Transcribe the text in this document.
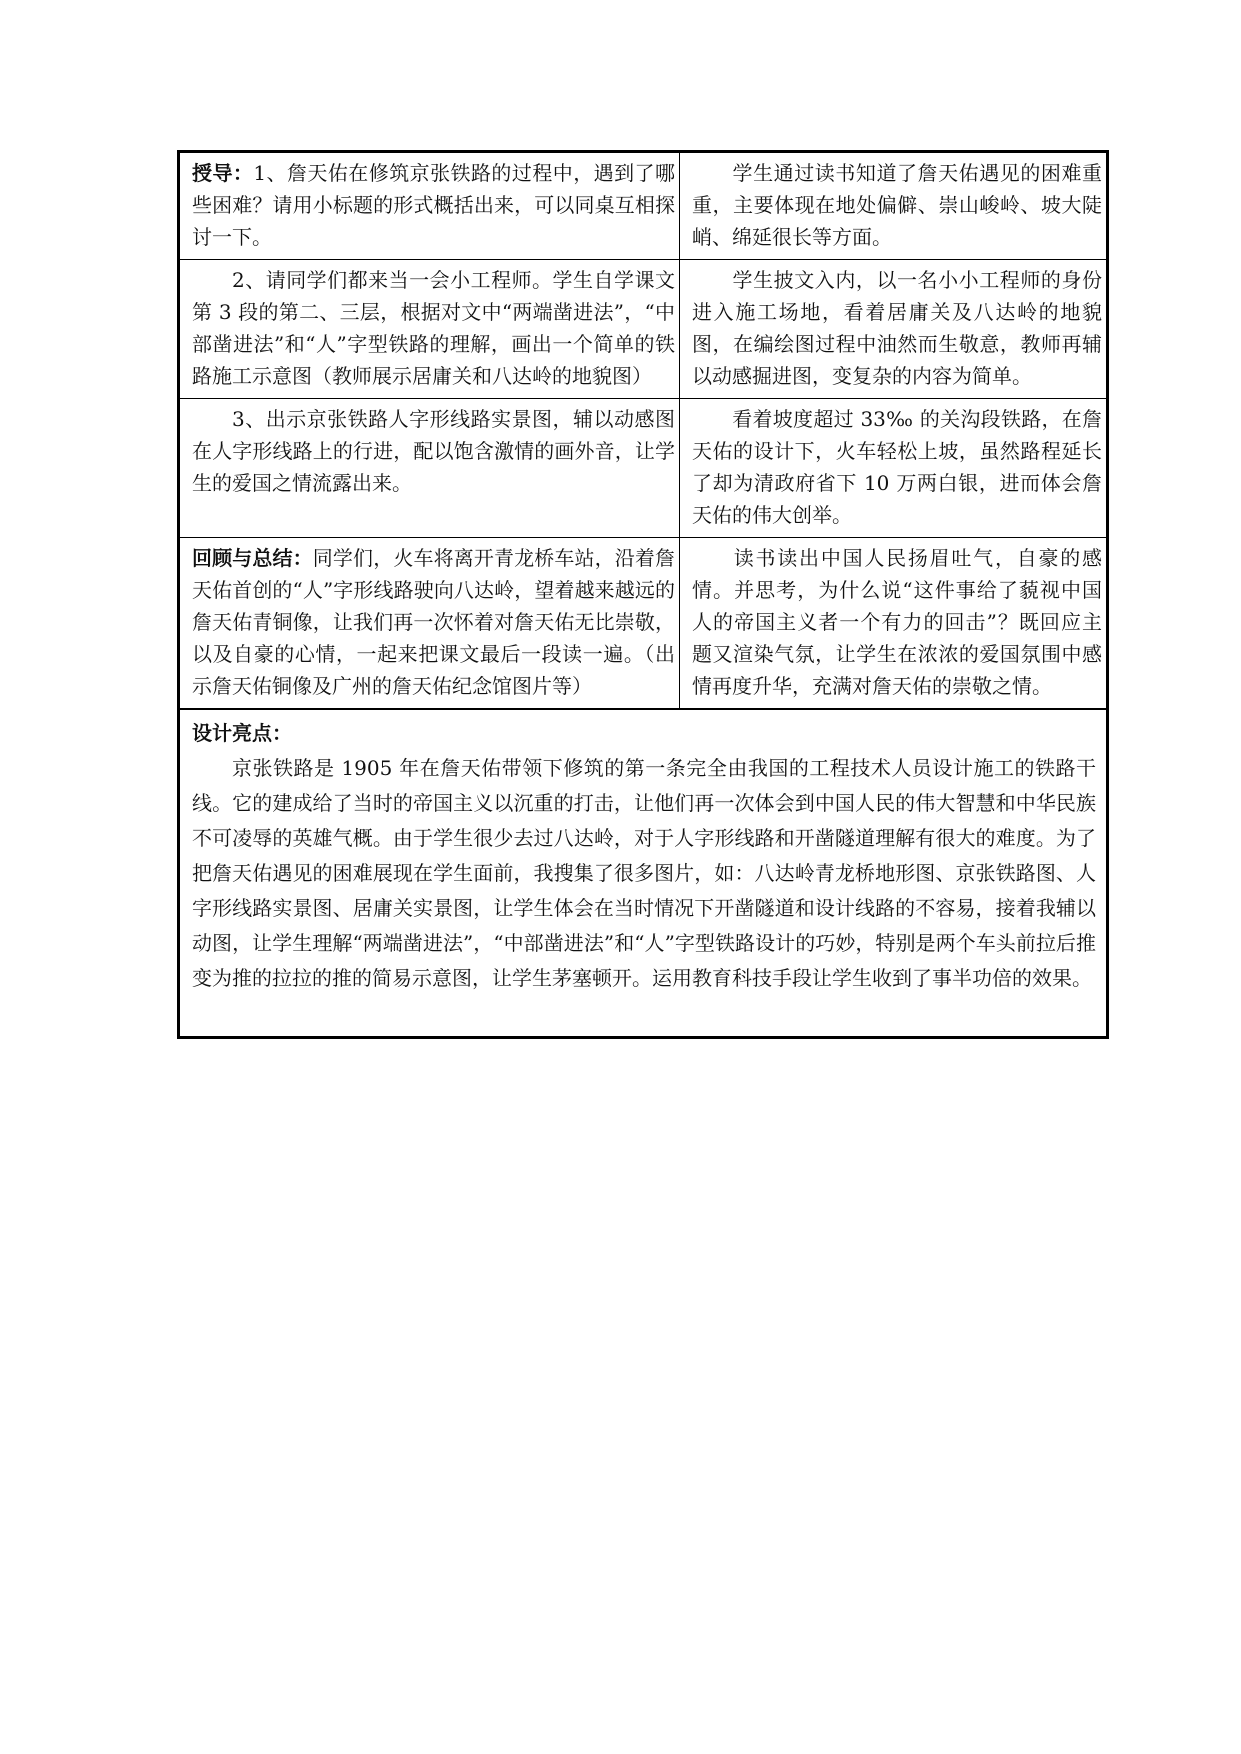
授导：1、詹天佑在修筑京张铁路的过程中，遇到了哪些困难？请用小标题的形式概括出来，可以同桌互相探讨一下。	学生通过读书知道了詹天佑遇见的困难重重，主要体现在地处偏僻、崇山峻岭、坡大陡峭、绵延很长等方面。
2、请同学们都来当一会小工程师。学生自学课文第 3 段的第二、三层，根据对文中“两端凿进法”，“中部凿进法”和“人”字型铁路的理解，画出一个简单的铁路施工示意图（教师展示居庸关和八达岭的地貌图）	学生披文入内，以一名小小工程师的身份进入施工场地，看着居庸关及八达岭的地貌图，在编绘图过程中油然而生敬意，教师再辅以动感掘进图，变复杂的内容为简单。
3、出示京张铁路人字形线路实景图，辅以动感图在人字形线路上的行进，配以饱含激情的画外音，让学生的爱国之情流露出来。	看着坡度超过 33‰ 的关沟段铁路，在詹天佑的设计下，火车轻松上坡，虽然路程延长了却为清政府省下 10 万两白银，进而体会詹天佑的伟大创举。
回顾与总结：同学们，火车将离开青龙桥车站，沿着詹天佑首创的“人”字形线路驶向八达岭，望着越来越远的詹天佑青铜像，让我们再一次怀着对詹天佑无比崇敬，以及自豪的心情，一起来把课文最后一段读一遍。（出示詹天佑铜像及广州的詹天佑纪念馆图片等）	读书读出中国人民扬眉吐气，自豪的感情。并思考，为什么说“这件事给了藐视中国人的帝国主义者一个有力的回击”？既回应主题又渲染气氛，让学生在浓浓的爱国氛围中感情再度升华，充满对詹天佑的崇敬之情。

设计亮点：
京张铁路是 1905 年在詹天佑带领下修筑的第一条完全由我国的工程技术人员设计施工的铁路干线。它的建成给了当时的帝国主义以沉重的打击，让他们再一次体会到中国人民的伟大智慧和中华民族不可凌辱的英雄气概。由于学生很少去过八达岭，对于人字形线路和开凿隧道理解有很大的难度。为了把詹天佑遇见的困难展现在学生面前，我搜集了很多图片，如：八达岭青龙桥地形图、京张铁路图、人字形线路实景图、居庸关实景图，让学生体会在当时情况下开凿隧道和设计线路的不容易，接着我辅以动图，让学生理解“两端凿进法”，“中部凿进法”和“人”字型铁路设计的巧妙，特别是两个车头前拉后推变为推的拉拉的推的简易示意图，让学生茅塞顿开。运用教育科技手段让学生收到了事半功倍的效果。	
